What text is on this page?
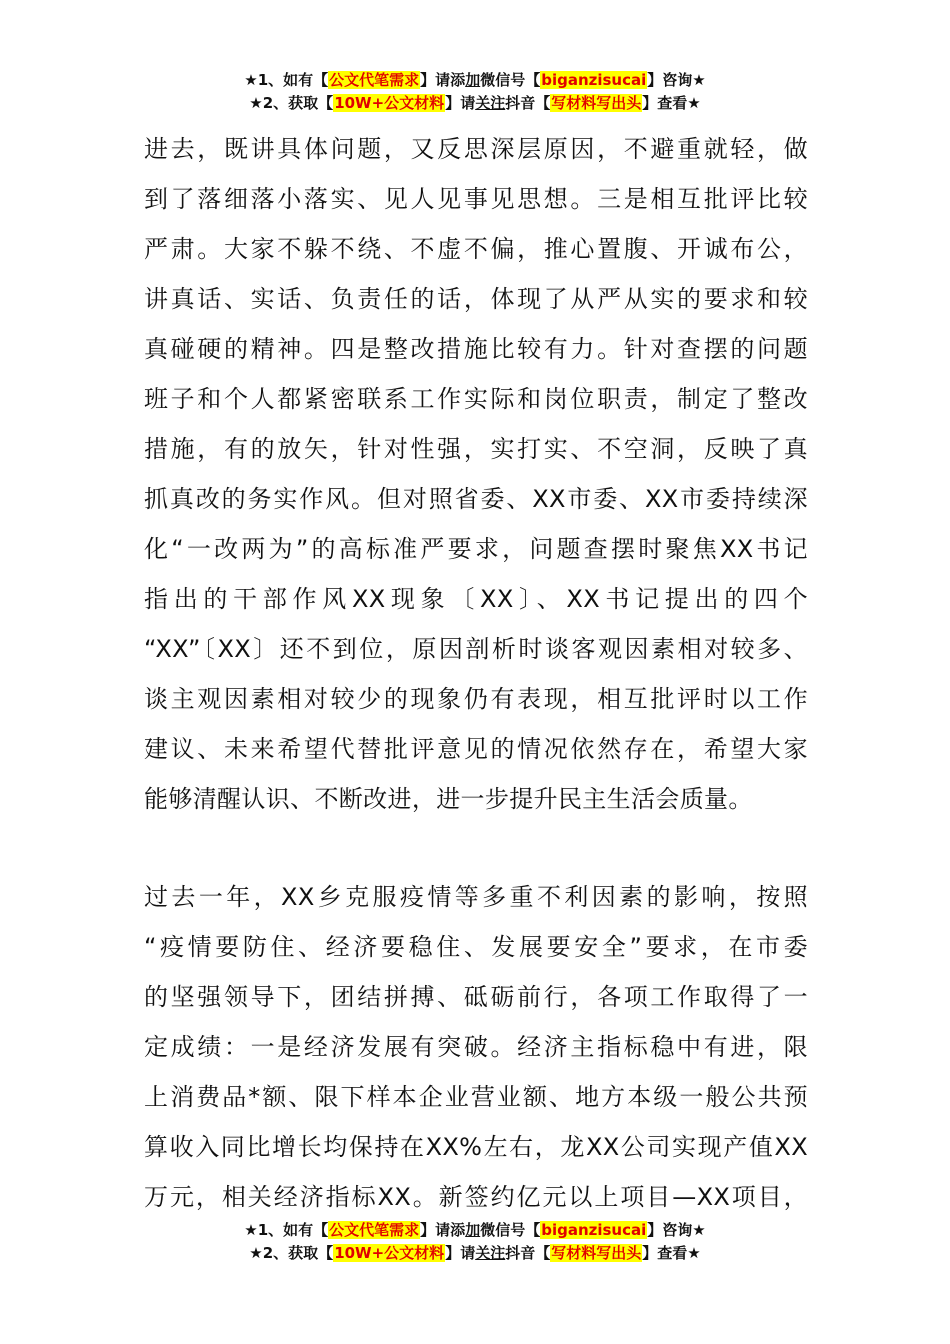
★1、如有【公文代笔需求】请添加微信号【biganzisucai】咨询★
★2、获取【10W+公文材料】请关注抖音【写材料写出头】查看★

进去，既讲具体问题，又反思深层原因，不避重就轻，做
到了落细落小落实、见人见事见思想。三是相互批评比较
严肃。大家不躲不绕、不虚不偏，推心置腹、开诚布公，
讲真话、实话、负责任的话，体现了从严从实的要求和较
真碰硬的精神。四是整改措施比较有力。针对查摆的问题
班子和个人都紧密联系工作实际和岗位职责，制定了整改
措施，有的放矢，针对性强，实打实、不空洞，反映了真
抓真改的务实作风。但对照省委、XX市委、XX市委持续深
化“一改两为”的高标准严要求，问题查摆时聚焦XX书记
指出的干部作风XX现象〔XX〕、XX书记提出的四个
“XX”〔XX〕还不到位，原因剖析时谈客观因素相对较多、
谈主观因素相对较少的现象仍有表现，相互批评时以工作
建议、未来希望代替批评意见的情况依然存在，希望大家
能够清醒认识、不断改进，进一步提升民主生活会质量。

过去一年，XX乡克服疫情等多重不利因素的影响，按照
“疫情要防住、经济要稳住、发展要安全”要求，在市委
的坚强领导下，团结拼搏、砥砺前行，各项工作取得了一
定成绩：一是经济发展有突破。经济主指标稳中有进，限
上消费品*额、限下样本企业营业额、地方本级一般公共预
算收入同比增长均保持在XX%左右，龙XX公司实现产值XX
万元，相关经济指标XX。新签约亿元以上项目—XX项目，

★1、如有【公文代笔需求】请添加微信号【biganzisucai】咨询★
★2、获取【10W+公文材料】请关注抖音【写材料写出头】查看★
